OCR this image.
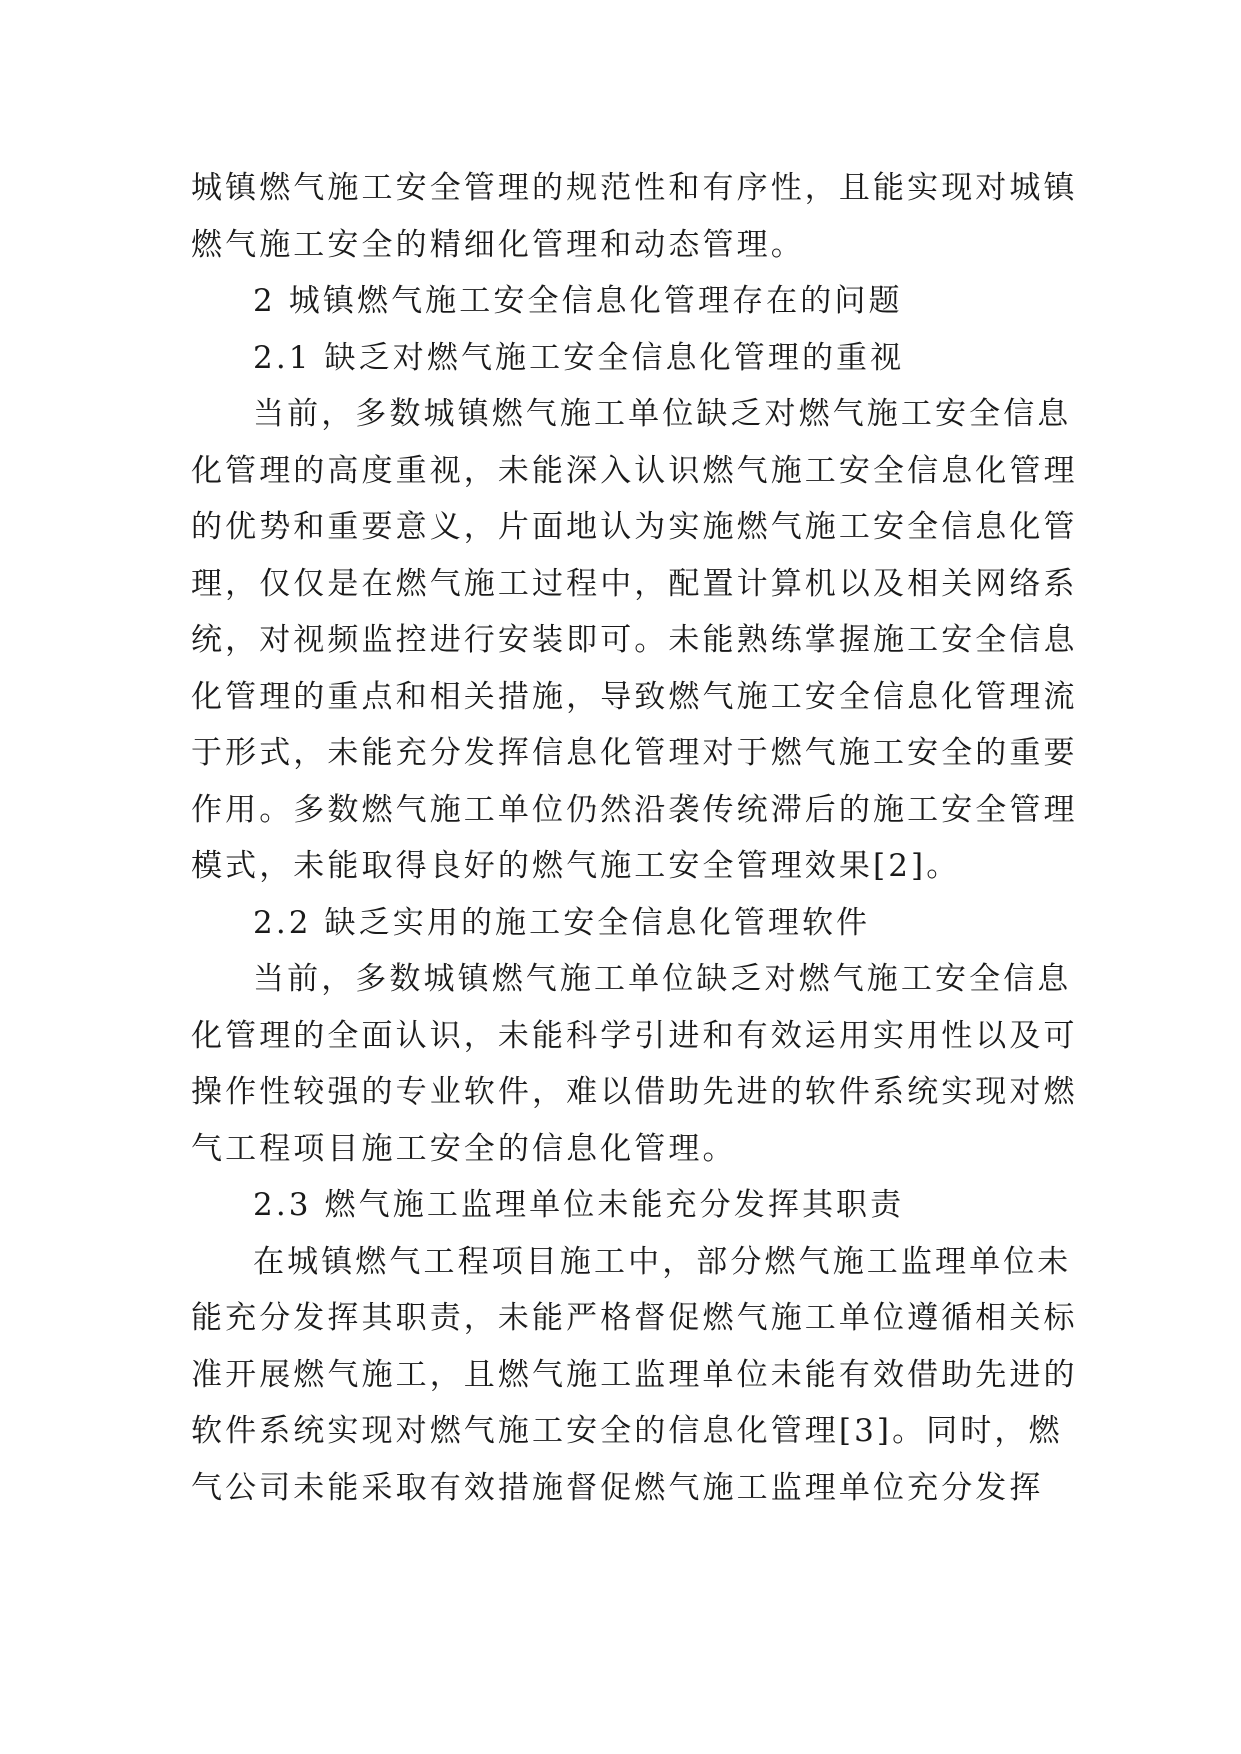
城镇燃气施工安全管理的规范性和有序性，且能实现对城镇
燃气施工安全的精细化管理和动态管理。
2 城镇燃气施工安全信息化管理存在的问题
2.1 缺乏对燃气施工安全信息化管理的重视
当前，多数城镇燃气施工单位缺乏对燃气施工安全信息
化管理的高度重视，未能深入认识燃气施工安全信息化管理
的优势和重要意义，片面地认为实施燃气施工安全信息化管
理，仅仅是在燃气施工过程中，配置计算机以及相关网络系
统，对视频监控进行安装即可。未能熟练掌握施工安全信息
化管理的重点和相关措施，导致燃气施工安全信息化管理流
于形式，未能充分发挥信息化管理对于燃气施工安全的重要
作用。多数燃气施工单位仍然沿袭传统滞后的施工安全管理
模式，未能取得良好的燃气施工安全管理效果[2]。
2.2 缺乏实用的施工安全信息化管理软件
当前，多数城镇燃气施工单位缺乏对燃气施工安全信息
化管理的全面认识，未能科学引进和有效运用实用性以及可
操作性较强的专业软件，难以借助先进的软件系统实现对燃
气工程项目施工安全的信息化管理。
2.3 燃气施工监理单位未能充分发挥其职责
在城镇燃气工程项目施工中，部分燃气施工监理单位未
能充分发挥其职责，未能严格督促燃气施工单位遵循相关标
准开展燃气施工，且燃气施工监理单位未能有效借助先进的
软件系统实现对燃气施工安全的信息化管理[3]。同时，燃
气公司未能采取有效措施督促燃气施工监理单位充分发挥
